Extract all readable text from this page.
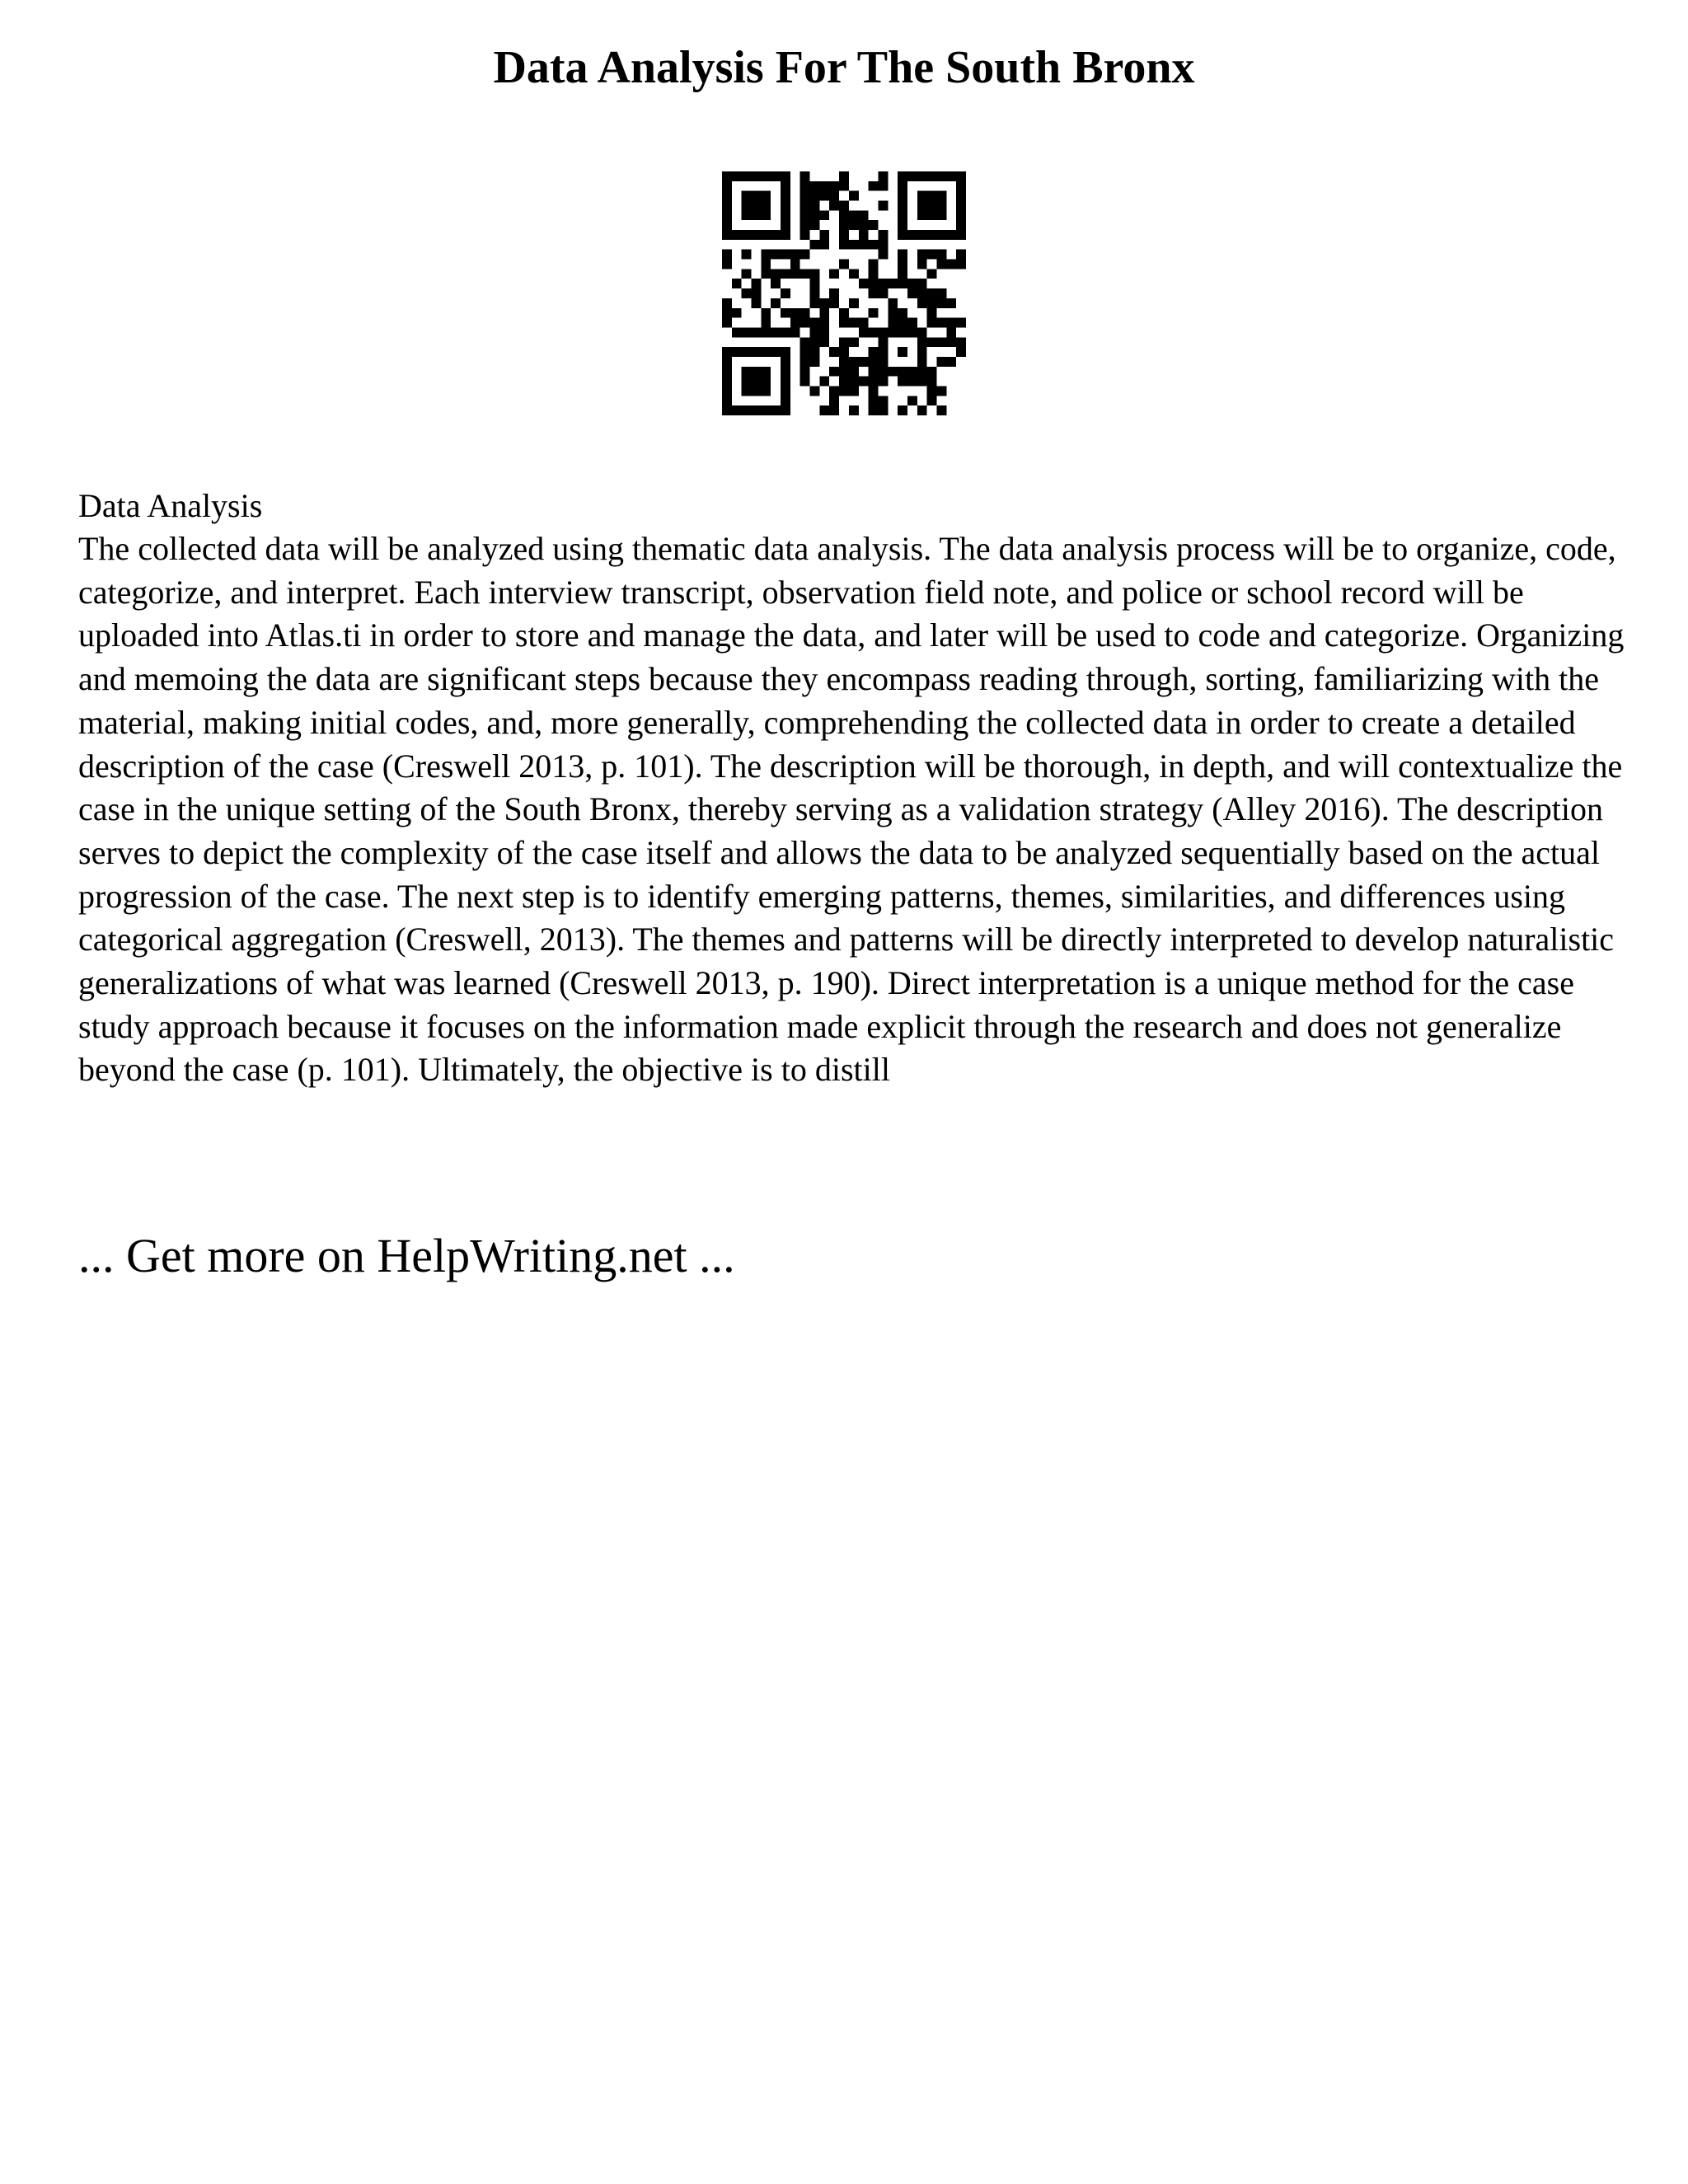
Data Analysis For The South Bronx

Data Analysis

The collected data will be analyzed using thematic data analysis. The data analysis process will be to organize, code, categorize, and interpret. Each interview transcript, observation field note, and police or school record will be uploaded into Atlas.ti in order to store and manage the data, and later will be used to code and categorize. Organizing and memoing the data are significant steps because they encompass reading through, sorting, familiarizing with the material, making initial codes, and, more generally, comprehending the collected data in order to create a detailed description of the case (Creswell 2013, p. 101). The description will be thorough, in depth, and will contextualize the case in the unique setting of the South Bronx, thereby serving as a validation strategy (Alley 2016). The description serves to depict the complexity of the case itself and allows the data to be analyzed sequentially based on the actual progression of the case. The next step is to identify emerging patterns, themes, similarities, and differences using categorical aggregation (Creswell, 2013). The themes and patterns will be directly interpreted to develop naturalistic generalizations of what was learned (Creswell 2013, p. 190). Direct interpretation is a unique method for the case study approach because it focuses on the information made explicit through the research and does not generalize beyond the case (p. 101). Ultimately, the objective is to distill

... Get more on HelpWriting.net ...
